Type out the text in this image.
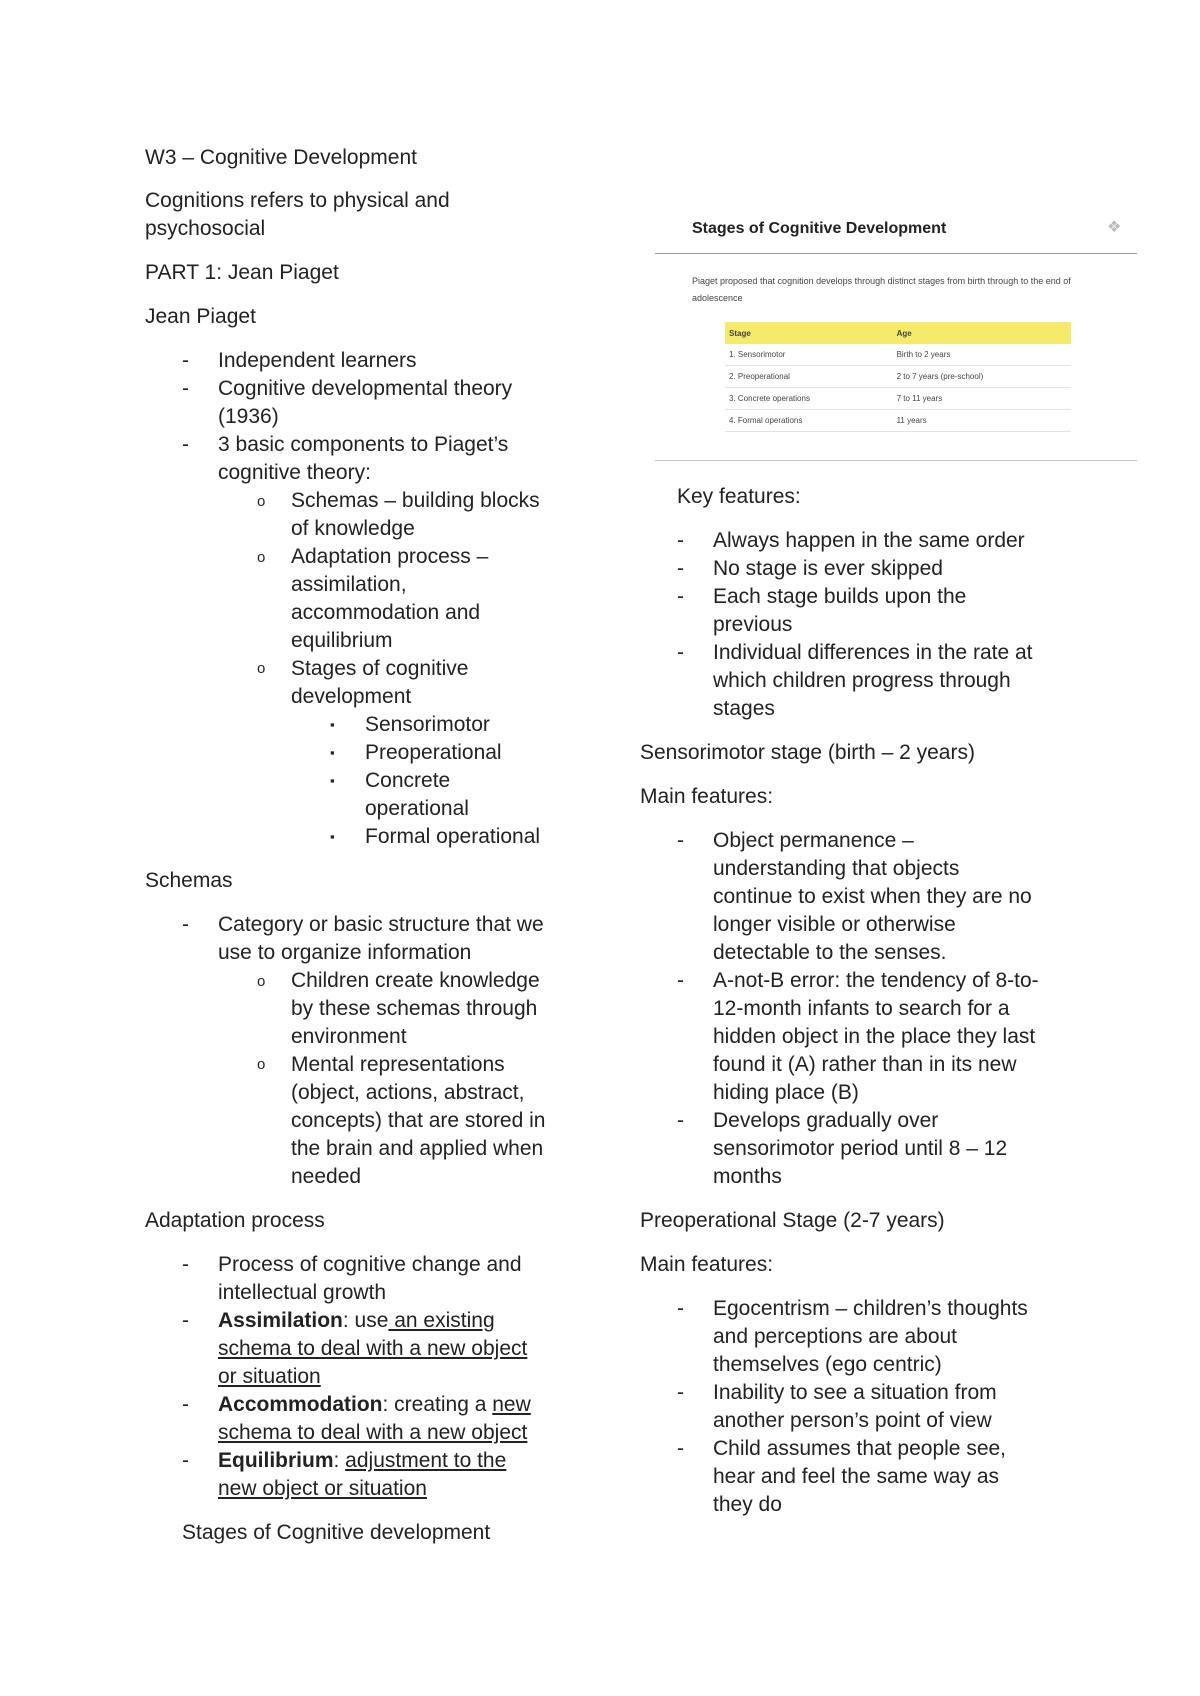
W3 – Cognitive Development
Cognitions refers to physical and
psychosocial
PART 1: Jean Piaget
Jean Piaget
- Independent learners
- Cognitive developmental theory
(1936)
- 3 basic components to Piaget’s
cognitive theory:
o Schemas – building blocks
of knowledge
o Adaptation process –
assimilation,
accommodation and
equilibrium
o Stages of cognitive
development
▪ Sensorimotor
▪ Preoperational
▪ Concrete
operational
▪ Formal operational
Schemas
- Category or basic structure that we
use to organize information
o Children create knowledge
by these schemas through
environment
o Mental representations
(object, actions, abstract,
concepts) that are stored in
the brain and applied when
needed
Adaptation process
- Process of cognitive change and
intellectual growth
- Assimilation: use an existing
schema to deal with a new object
or situation
- Accommodation: creating a new
schema to deal with a new object
- Equilibrium: adjustment to the
new object or situation
Stages of Cognitive development
Stages of Cognitive Development	❖
Piaget proposed that cognition develops through distinct stages from birth through to the end of adolescence
Stage	Age
1. Sensorimotor	Birth to 2 years
2. Preoperational	2 to 7 years (pre-school)
3. Concrete operations	7 to 11 years
4. Formal operations	11 years
Key features:
- Always happen in the same order
- No stage is ever skipped
- Each stage builds upon the
previous
- Individual differences in the rate at
which children progress through
stages
Sensorimotor stage (birth – 2 years)
Main features:
- Object permanence –
understanding that objects
continue to exist when they are no
longer visible or otherwise
detectable to the senses.
- A-not-B error: the tendency of 8-to-
12-month infants to search for a
hidden object in the place they last
found it (A) rather than in its new
hiding place (B)
- Develops gradually over
sensorimotor period until 8 – 12
months
Preoperational Stage (2-7 years)
Main features:
- Egocentrism – children’s thoughts
and perceptions are about
themselves (ego centric)
- Inability to see a situation from
another person’s point of view
- Child assumes that people see,
hear and feel the same way as
they do
